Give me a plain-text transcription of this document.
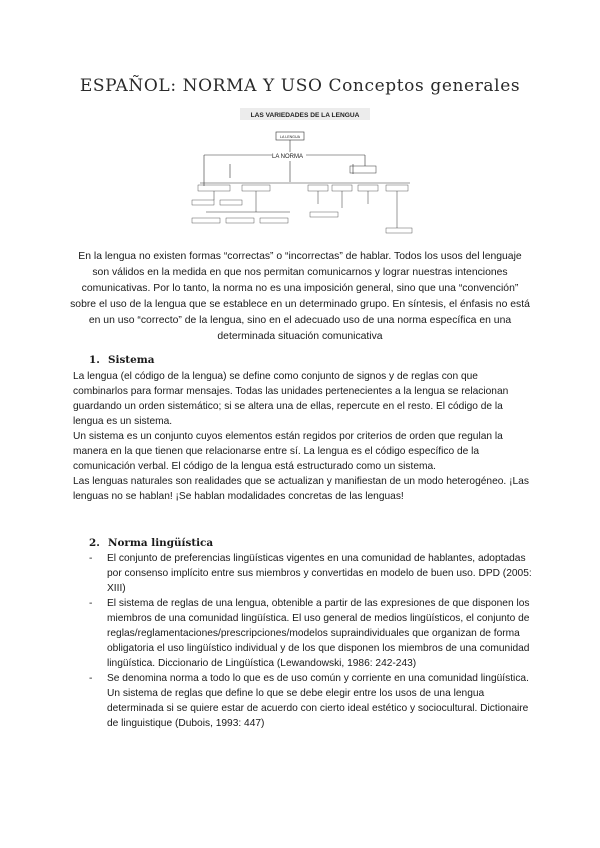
ESPAÑOL: NORMA Y USO Conceptos generales
LAS VARIEDADES DE LA LENGUA
LA LENGUA
LA NORMA
En la lengua no existen formas “correctas” o “incorrectas” de hablar. Todos los usos del lenguaje son válidos en la medida en que nos permitan comunicarnos y lograr nuestras intenciones comunicativas. Por lo tanto, la norma no es una imposición general, sino que una “convención” sobre el uso de la lengua que se establece en un determinado grupo. En síntesis, el énfasis no está en un uso “correcto” de la lengua, sino en el adecuado uso de una norma específica en una determinada situación comunicativa
1. Sistema

La lengua (el código de la lengua) se define como conjunto de signos y de reglas con que combinarlos para formar mensajes. Todas las unidades pertenecientes a la lengua se relacionan guardando un orden sistemático; si se altera una de ellas, repercute en el resto. El código de la lengua es un sistema.

Un sistema es un conjunto cuyos elementos están regidos por criterios de orden que regulan la manera en la que tienen que relacionarse entre sí. La lengua es el código específico de la comunicación verbal. El código de la lengua está estructurado como un sistema.

Las lenguas naturales son realidades que se actualizan y manifiestan de un modo heterogéneo. ¡Las lenguas no se hablan! ¡Se hablan modalidades concretas de las lenguas!

2. Norma lingüística
- El conjunto de preferencias lingüísticas vigentes en una comunidad de hablantes, adoptadas por consenso implícito entre sus miembros y convertidas en modelo de buen uso. DPD (2005: XIII)
- El sistema de reglas de una lengua, obtenible a partir de las expresiones de que disponen los miembros de una comunidad lingüística. El uso general de medios lingüísticos, el conjunto de reglas/reglamentaciones/prescripciones/modelos supraindividuales que organizan de forma obligatoria el uso lingüístico individual y de los que disponen los miembros de una comunidad lingüística. Diccionario de Lingüística (Lewandowski, 1986: 242-243)
- Se denomina norma a todo lo que es de uso común y corriente en una comunidad lingüística. Un sistema de reglas que define lo que se debe elegir entre los usos de una lengua determinada si se quiere estar de acuerdo con cierto ideal estético y sociocultural. Dictionaire de linguistique (Dubois, 1993: 447)
